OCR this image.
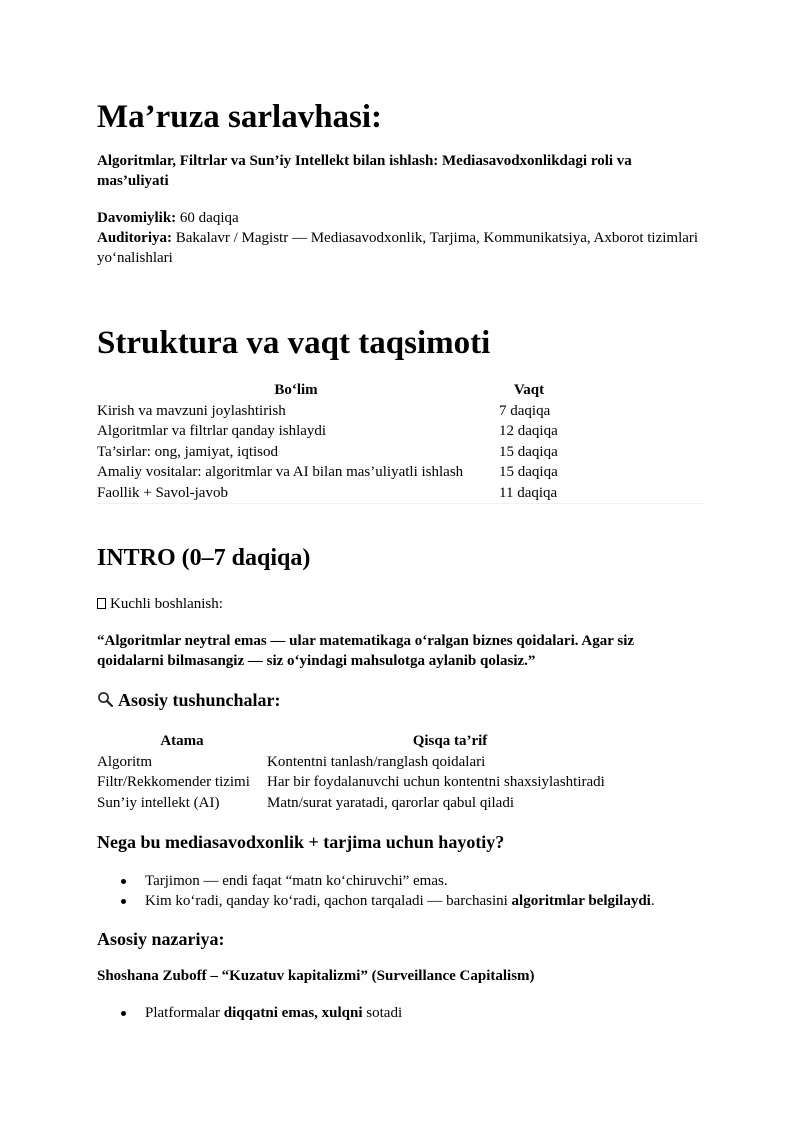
Ma’ruza sarlavhasi:
Algoritmlar, Filtrlar va Sun’iy Intellekt bilan ishlash: Mediasavodxonlikdagi roli va mas’uliyati
Davomiylik: 60 daqiqa
Auditoriya: Bakalavr / Magistr — Mediasavodxonlik, Tarjima, Kommunikatsiya, Axborot tizimlari yo‘nalishlari
Struktura va vaqt taqsimoti
Bo‘lim	Vaqt
Kirish va mavzuni joylashtirish	7 daqiqa
Algoritmlar va filtrlar qanday ishlaydi	12 daqiqa
Ta’sirlar: ong, jamiyat, iqtisod	15 daqiqa
Amaliy vositalar: algoritmlar va AI bilan mas’uliyatli ishlash	15 daqiqa
Faollik + Savol-javob	11 daqiqa
INTRO (0–7 daqiqa)
Kuchli boshlanish:
“Algoritmlar neytral emas — ular matematikaga o‘ralgan biznes qoidalari. Agar siz qoidalarni bilmasangiz — siz o‘yindagi mahsulotga aylanib qolasiz.”
Asosiy tushunchalar:
Atama	Qisqa ta’rif
Algoritm	Kontentni tanlash/ranglash qoidalari
Filtr/Rekkomender tizimi	Har bir foydalanuvchi uchun kontentni shaxsiylashtiradi
Sun’iy intellekt (AI)	Matn/surat yaratadi, qarorlar qabul qiladi
Nega bu mediasavodxonlik + tarjima uchun hayotiy?
Tarjimon — endi faqat “matn ko‘chiruvchi” emas.
Kim ko‘radi, qanday ko‘radi, qachon tarqaladi — barchasini algoritmlar belgilaydi.
Asosiy nazariya:
Shoshana Zuboff – “Kuzatuv kapitalizmi” (Surveillance Capitalism)
Platformalar diqqatni emas, xulqni sotadi
